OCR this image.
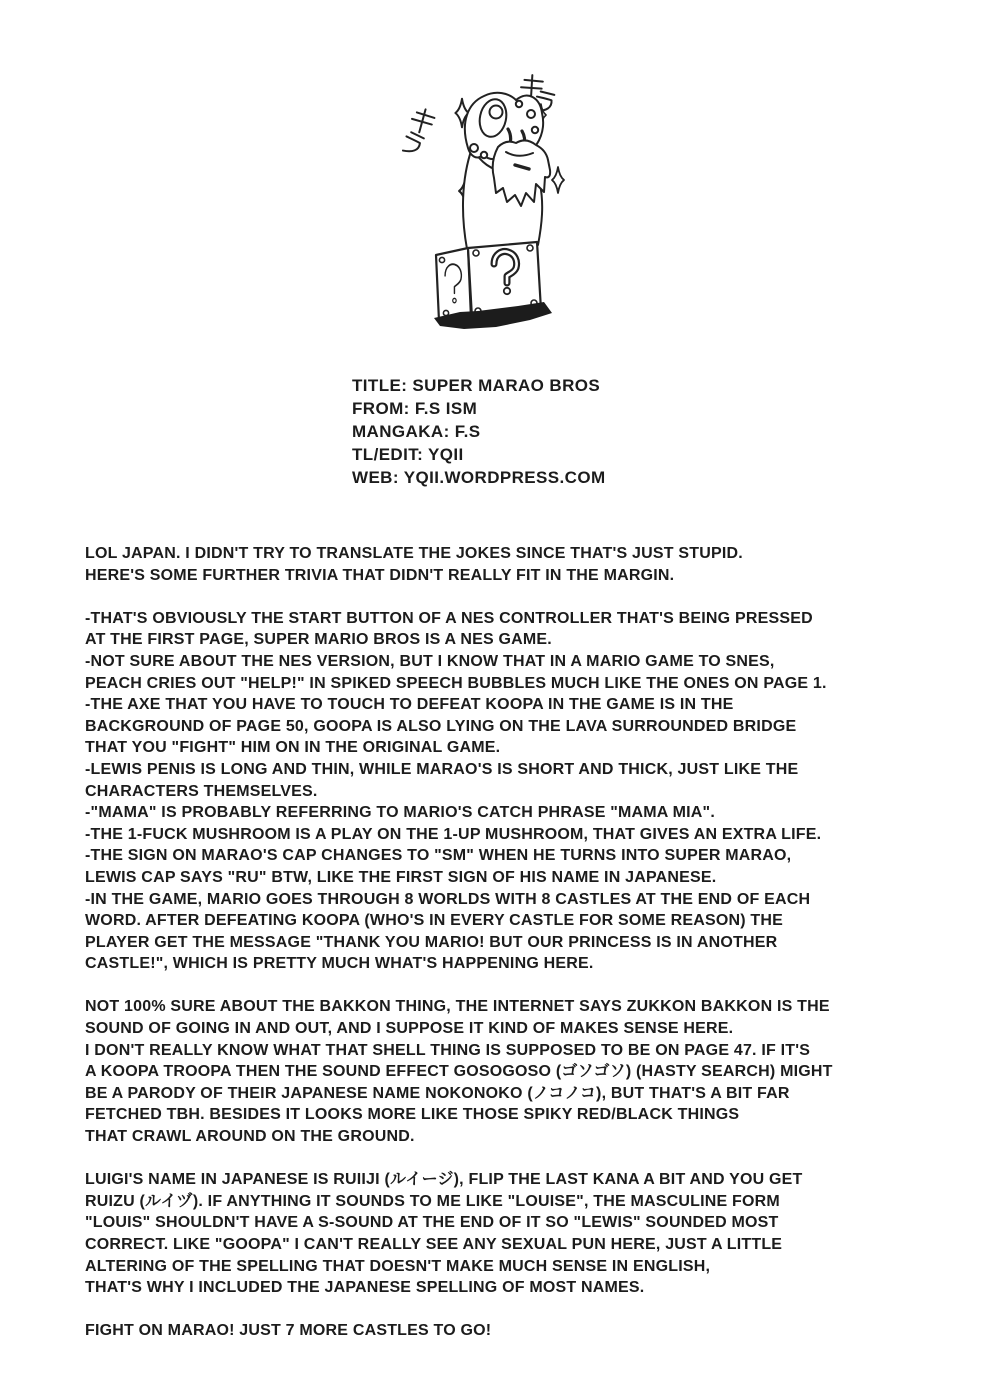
TITLE: SUPER MARAO BROS
FROM: F.S ISM
MANGAKA: F.S
TL/EDIT: YQII
WEB: YQII.WORDPRESS.COM
LOL JAPAN. I DIDN'T TRY TO TRANSLATE THE JOKES SINCE THAT'S JUST STUPID.
HERE'S SOME FURTHER TRIVIA THAT DIDN'T REALLY FIT IN THE MARGIN.
-THAT'S OBVIOUSLY THE START BUTTON OF A NES CONTROLLER THAT'S BEING PRESSED
AT THE FIRST PAGE, SUPER MARIO BROS IS A NES GAME.
-NOT SURE ABOUT THE NES VERSION, BUT I KNOW THAT IN A MARIO GAME TO SNES,
PEACH CRIES OUT "HELP!" IN SPIKED SPEECH BUBBLES MUCH LIKE THE ONES ON PAGE 1.
-THE AXE THAT YOU HAVE TO TOUCH TO DEFEAT KOOPA IN THE GAME IS IN THE
BACKGROUND OF PAGE 50, GOOPA IS ALSO LYING ON THE LAVA SURROUNDED BRIDGE
THAT YOU "FIGHT" HIM ON IN THE ORIGINAL GAME.
-LEWIS PENIS IS LONG AND THIN, WHILE MARAO'S IS SHORT AND THICK, JUST LIKE THE
CHARACTERS THEMSELVES.
-"MAMA" IS PROBABLY REFERRING TO MARIO'S CATCH PHRASE "MAMA MIA".
-THE 1-FUCK MUSHROOM IS A PLAY ON THE 1-UP MUSHROOM, THAT GIVES AN EXTRA LIFE.
-THE SIGN ON MARAO'S CAP CHANGES TO "SM" WHEN HE TURNS INTO SUPER MARAO,
LEWIS CAP SAYS "RU" BTW, LIKE THE FIRST SIGN OF HIS NAME IN JAPANESE.
-IN THE GAME, MARIO GOES THROUGH 8 WORLDS WITH 8 CASTLES AT THE END OF EACH
WORD. AFTER DEFEATING KOOPA (WHO'S IN EVERY CASTLE FOR SOME REASON) THE
PLAYER GET THE MESSAGE "THANK YOU MARIO! BUT OUR PRINCESS IS IN ANOTHER
CASTLE!", WHICH IS PRETTY MUCH WHAT'S HAPPENING HERE.
NOT 100% SURE ABOUT THE BAKKON THING, THE INTERNET SAYS ZUKKON BAKKON IS THE
SOUND OF GOING IN AND OUT, AND I SUPPOSE IT KIND OF MAKES SENSE HERE.
I DON'T REALLY KNOW WHAT THAT SHELL THING IS SUPPOSED TO BE ON PAGE 47. IF IT'S
A KOOPA TROOPA THEN THE SOUND EFFECT GOSOGOSO (ゴソゴソ) (HASTY SEARCH) MIGHT
BE A PARODY OF THEIR JAPANESE NAME NOKONOKO (ノコノコ), BUT THAT'S A BIT FAR
FETCHED TBH. BESIDES IT LOOKS MORE LIKE THOSE SPIKY RED/BLACK THINGS
THAT CRAWL AROUND ON THE GROUND.
LUIGI'S NAME IN JAPANESE IS RUIIJI (ルイージ), FLIP THE LAST KANA A BIT AND YOU GET
RUIZU (ルイヅ). IF ANYTHING IT SOUNDS TO ME LIKE "LOUISE", THE MASCULINE FORM
"LOUIS" SHOULDN'T HAVE A S-SOUND AT THE END OF IT SO "LEWIS" SOUNDED MOST
CORRECT. LIKE "GOOPA" I CAN'T REALLY SEE ANY SEXUAL PUN HERE, JUST A LITTLE
ALTERING OF THE SPELLING THAT DOESN'T MAKE MUCH SENSE IN ENGLISH,
THAT'S WHY I INCLUDED THE JAPANESE SPELLING OF MOST NAMES.
FIGHT ON MARAO! JUST 7 MORE CASTLES TO GO!
